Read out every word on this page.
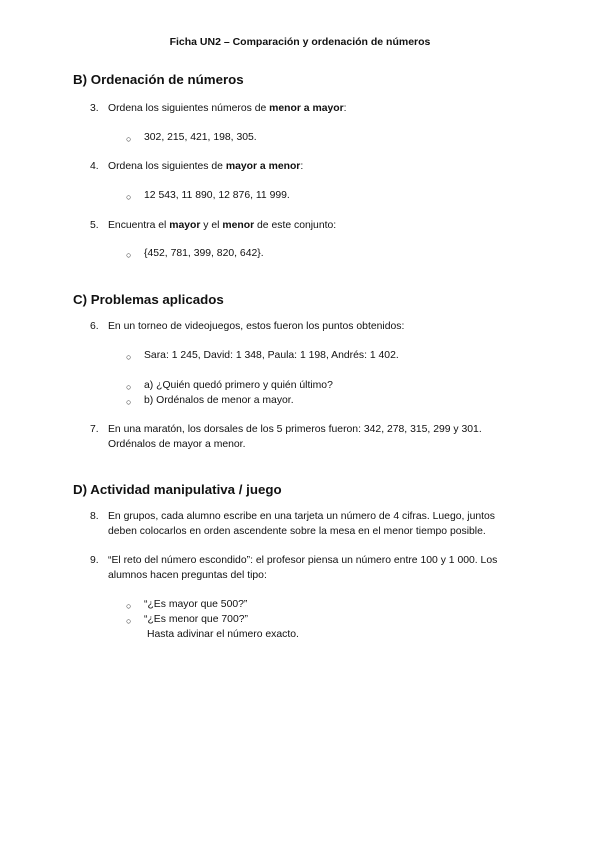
Ficha UN2 – Comparación y ordenación de números
B) Ordenación de números
3. Ordena los siguientes números de menor a mayor:
○ 302, 215, 421, 198, 305.
4. Ordena los siguientes de mayor a menor:
○ 12 543, 11 890, 12 876, 11 999.
5. Encuentra el mayor y el menor de este conjunto:
○ {452, 781, 399, 820, 642}.
C) Problemas aplicados
6. En un torneo de videojuegos, estos fueron los puntos obtenidos:
○ Sara: 1 245, David: 1 348, Paula: 1 198, Andrés: 1 402.
○ a) ¿Quién quedó primero y quién último?
○ b) Ordénalos de menor a mayor.
7. En una maratón, los dorsales de los 5 primeros fueron: 342, 278, 315, 299 y 301.
Ordénalos de mayor a menor.
D) Actividad manipulativa / juego
8. En grupos, cada alumno escribe en una tarjeta un número de 4 cifras. Luego, juntos
deben colocarlos en orden ascendente sobre la mesa en el menor tiempo posible.
9. “El reto del número escondido”: el profesor piensa un número entre 100 y 1 000. Los
alumnos hacen preguntas del tipo:
○ “¿Es mayor que 500?”
○ “¿Es menor que 700?”
Hasta adivinar el número exacto.
